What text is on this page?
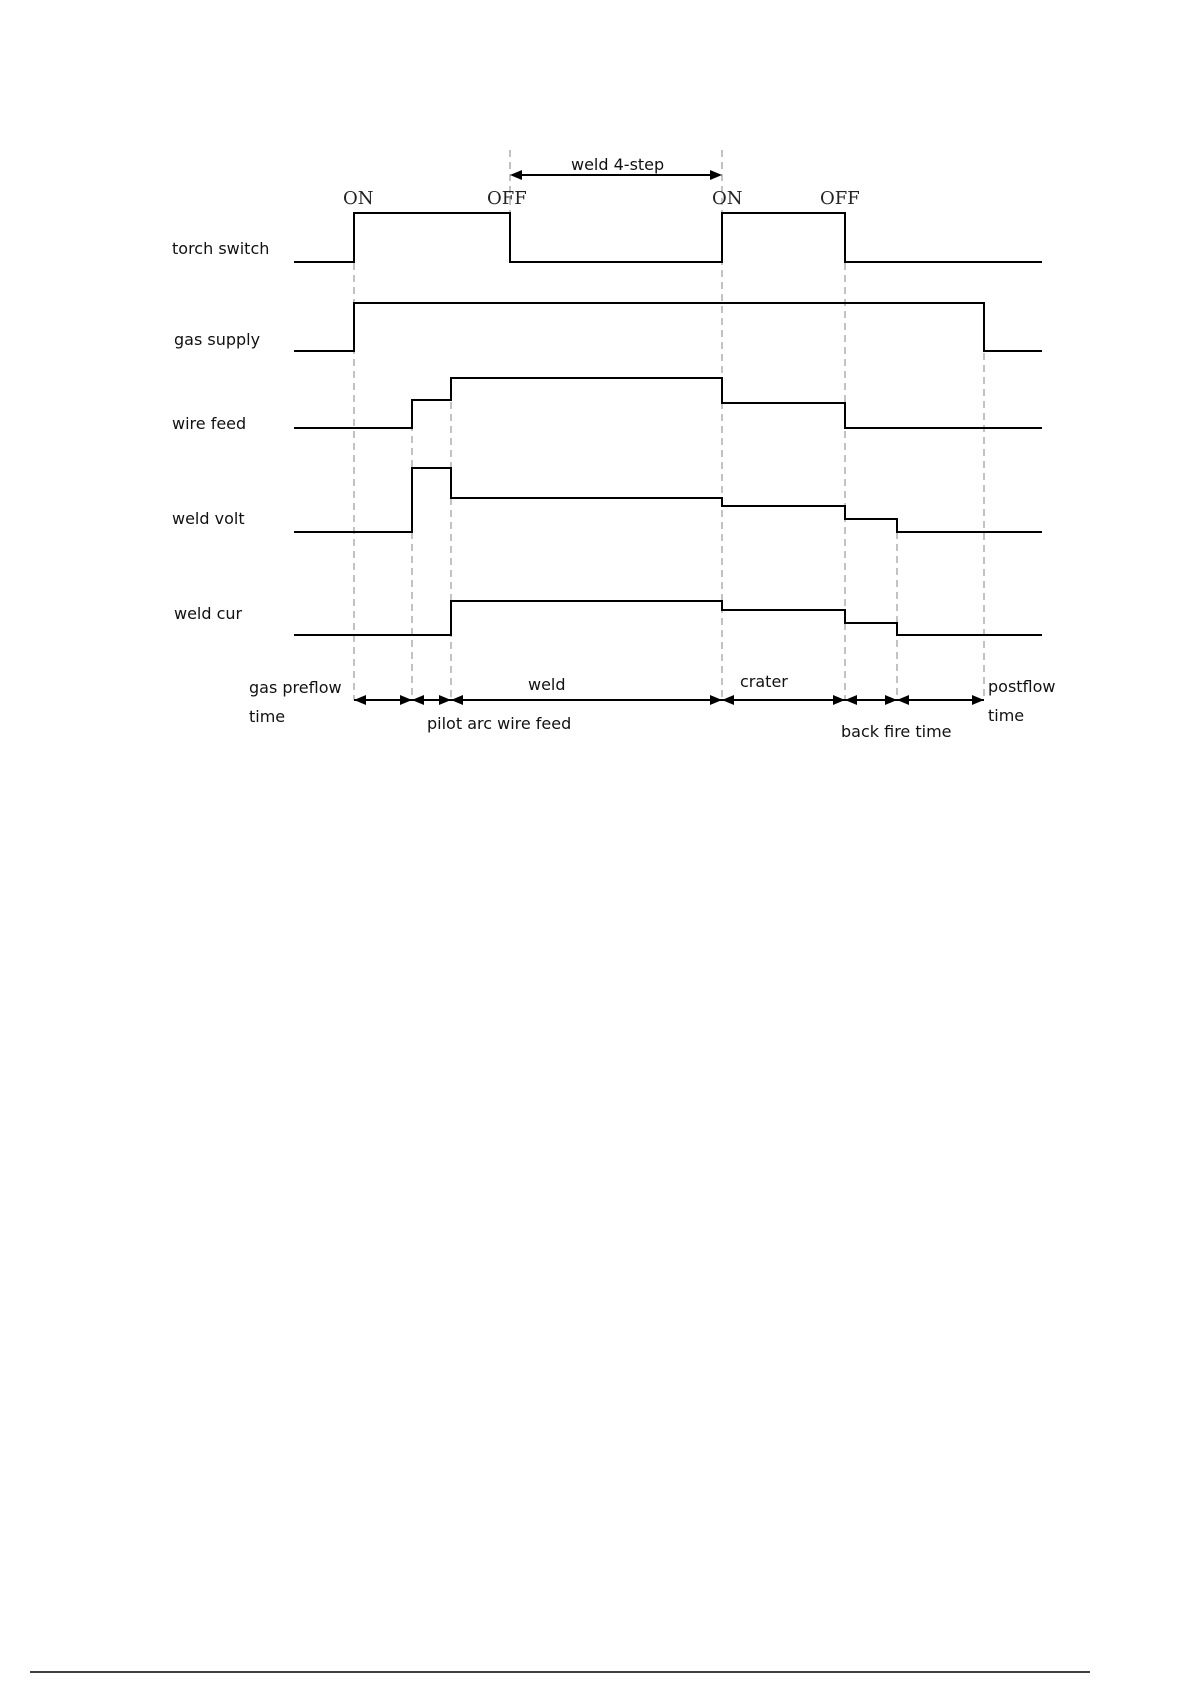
weld 4-step
ON	OFF	ON	OFF
torch switch
gas supply
wire feed
weld volt
weld cur
gas preflow
time	pilot arc wire feed
weld	crater
back fire time
postflow
time
